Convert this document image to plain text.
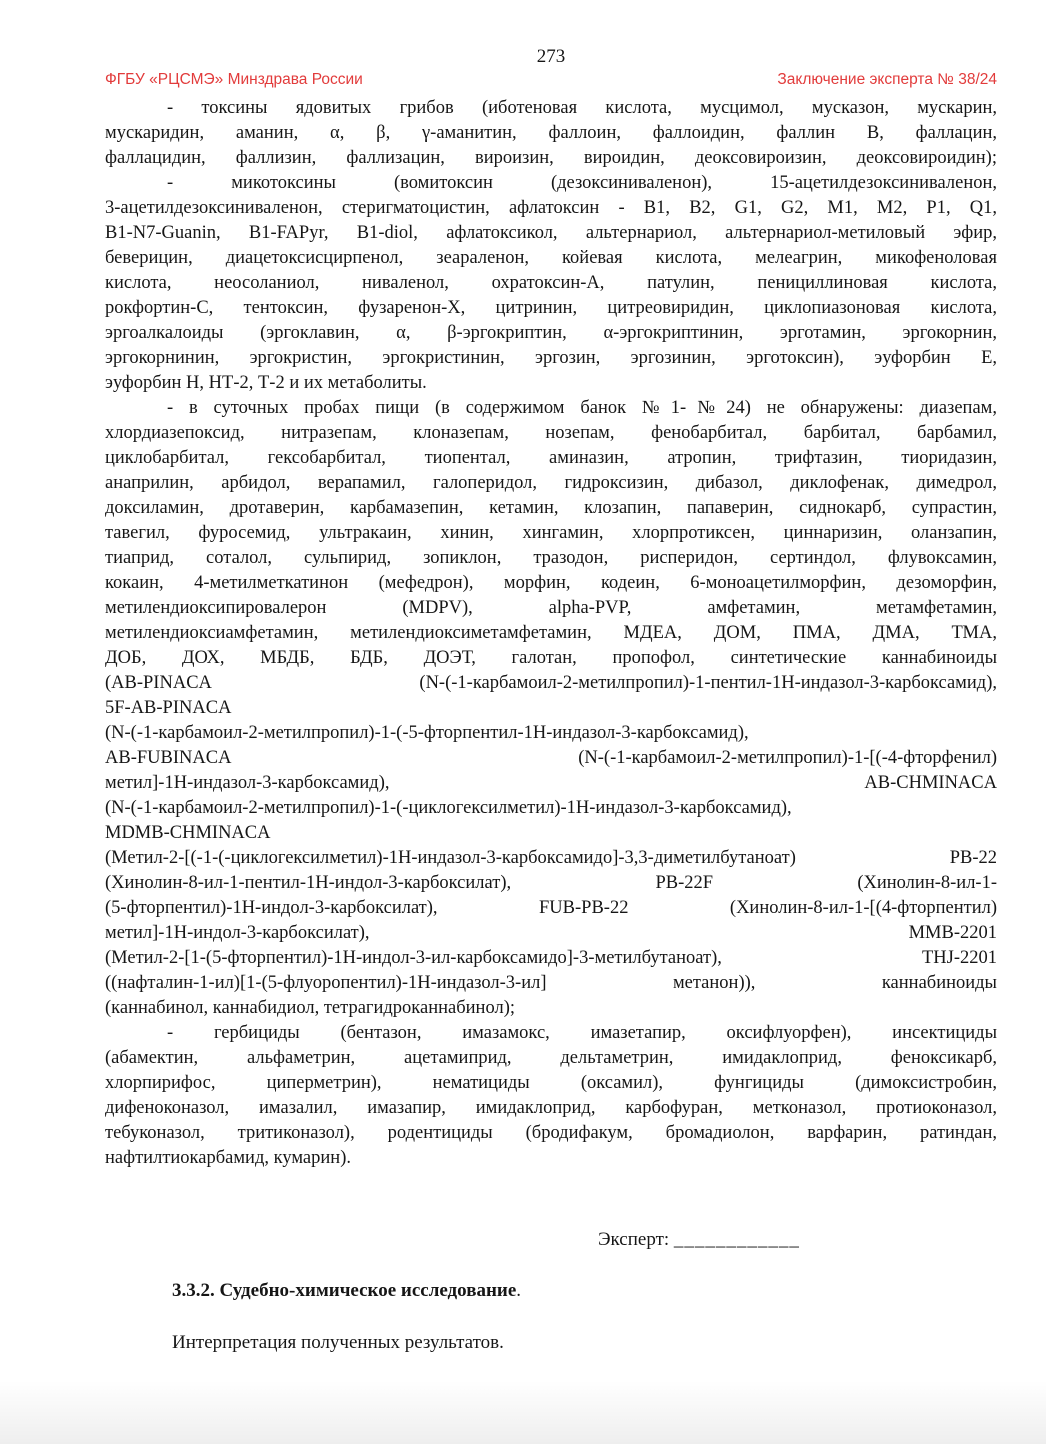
273
ФГБУ «РЦСМЭ» Минздрава России	Заключение эксперта № 38/24
- токсины ядовитых грибов (иботеновая кислота, мусцимол, мусказон, мускарин,
мускаридин, аманин, α, β, γ-аманитин, фаллоин, фаллоидин, фаллин В, фаллацин,
фаллацидин, фаллизин, фаллизацин, вироизин, вироидин, деоксовироизин, деоксовироидин);
- микотоксины (вомитоксин (дезоксиниваленон), 15-ацетилдезоксиниваленон,
3-ацетилдезоксиниваленон, стеригматоцистин, афлатоксин - B1, B2, G1, G2, M1, M2, P1, Q1,
B1-N7-Guanin, B1-FAPyr, B1-diol, афлатоксикол, альтернариол, альтернариол-метиловый эфир,
беверицин, диацетоксисцирпенол, зеараленон, койевая кислота, мелеагрин, микофеноловая
кислота, неосоланиол, ниваленол, охратоксин-А, патулин, пенициллиновая кислота,
рокфортин-С, тентоксин, фузаренон-Х, цитринин, цитреовиридин, циклопиазоновая кислота,
эргоалкалоиды (эргоклавин, α, β-эргокриптин, α-эргокриптинин, эрготамин, эргокорнин,
эргокорнинин, эргокристин, эргокристинин, эргозин, эргозинин, эрготоксин), эуфорбин Е,
эуфорбин Н, НТ-2, Т-2 и их метаболиты.
- в суточных пробах пищи (в содержимом банок №1-№24) не обнаружены: диазепам,
хлордиазепоксид, нитразепам, клоназепам, нозепам, фенобарбитал, барбитал, барбамил,
циклобарбитал, гексобарбитал, тиопентал, аминазин, атропин, трифтазин, тиоридазин,
анаприлин, арбидол, верапамил, галоперидол, гидроксизин, дибазол, диклофенак, димедрол,
доксиламин, дротаверин, карбамазепин, кетамин, клозапин, папаверин, сиднокарб, супрастин,
тавегил, фуросемид, ультракаин, хинин, хингамин, хлорпротиксен, циннаризин, оланзапин,
тиаприд, соталол, сульпирид, зопиклон, тразодон, рисперидон, сертиндол, флувоксамин,
кокаин, 4-метилметкатинон (мефедрон), морфин, кодеин, 6-моноацетилморфин, дезоморфин,
метилендиоксипировалерон (MDPV), alpha-PVP, амфетамин, метамфетамин,
метилендиоксиамфетамин, метилендиоксиметамфетамин, МДЕА, ДОМ, ПМА, ДМА, ТМА,
ДОБ, ДОХ, МБДБ, БДБ, ДОЭТ, галотан, пропофол, синтетические каннабиноиды
(AB-PINACA (N-(-1-карбамоил-2-метилпропил)-1-пентил-1Н-индазол-3-карбоксамид),
5F-AB-PINACA
(N-(-1-карбамоил-2-метилпропил)-1-(-5-фторпентил-1Н-индазол-3-карбоксамид),
AB-FUBINACA (N-(-1-карбамоил-2-метилпропил)-1-[(-4-фторфенил)
метил]-1Н-индазол-3-карбоксамид), AB-CHMINACA
(N-(-1-карбамоил-2-метилпропил)-1-(-циклогексилметил)-1Н-индазол-3-карбоксамид),
MDMB-CHMINACA
(Метил-2-[(-1-(-циклогексилметил)-1Н-индазол-3-карбоксамидо]-3,3-диметилбутаноат) PB-22
(Хинолин-8-ил-1-пентил-1Н-индол-3-карбоксилат), PB-22F (Хинолин-8-ил-1-
(5-фторпентил)-1Н-индол-3-карбоксилат), FUB-PB-22 (Хинолин-8-ил-1-[(4-фторпентил)
метил]-1Н-индол-3-карбоксилат), MMB-2201
(Метил-2-[1-(5-фторпентил)-1Н-индол-3-ил-карбоксамидо]-3-метилбутаноат), THJ-2201
((нафталин-1-ил)[1-(5-флуоропентил)-1Н-индазол-3-ил] метанон)), каннабиноиды
(каннабинол, каннабидиол, тетрагидроканнабинол);
- гербициды (бентазон, имазамокс, имазетапир, оксифлуорфен), инсектициды
(абамектин, альфаметрин, ацетамиприд, дельтаметрин, имидаклоприд, феноксикарб,
хлорпирифос, циперметрин), нематициды (оксамил), фунгициды (димоксистробин,
дифеноконазол, имазалил, имазапир, имидаклоприд, карбофуран, метконазол, протиоконазол,
тебуконазол, тритиконазол), родентициды (бродифакум, бромадиолон, варфарин, ратиндан,
нафтилтиокарбамид, кумарин).
Эксперт: ____________
3.3.2. Судебно-химическое исследование.
Интерпретация полученных результатов.
